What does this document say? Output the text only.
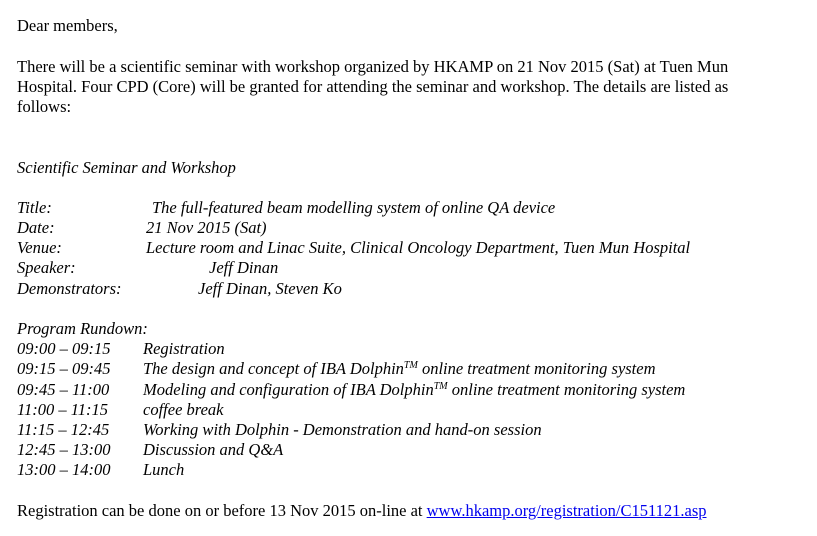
Dear members,
There will be a scientific seminar with workshop organized by HKAMP on 21 Nov 2015 (Sat) at Tuen Mun
Hospital. Four CPD (Core) will be granted for attending the seminar and workshop. The details are listed as
follows:
Scientific Seminar and Workshop
Title:	The full-featured beam modelling system of online QA device
Date:	21 Nov 2015 (Sat)
Venue:	Lecture room and Linac Suite, Clinical Oncology Department, Tuen Mun Hospital
Speaker:	Jeff Dinan
Demonstrators:	Jeff Dinan, Steven Ko
Program Rundown:
09:00 – 09:15 Registration
09:15 – 09:45 The design and concept of IBA Dolphin™ online treatment monitoring system
09:45 – 11:00 Modeling and configuration of IBA Dolphin™ online treatment monitoring system
11:00 – 11:15 coffee break
11:15 – 12:45 Working with Dolphin - Demonstration and hand-on session
12:45 – 13:00 Discussion and Q&A
13:00 – 14:00 Lunch
Registration can be done on or before 13 Nov 2015 on-line at www.hkamp.org/registration/C151121.asp
